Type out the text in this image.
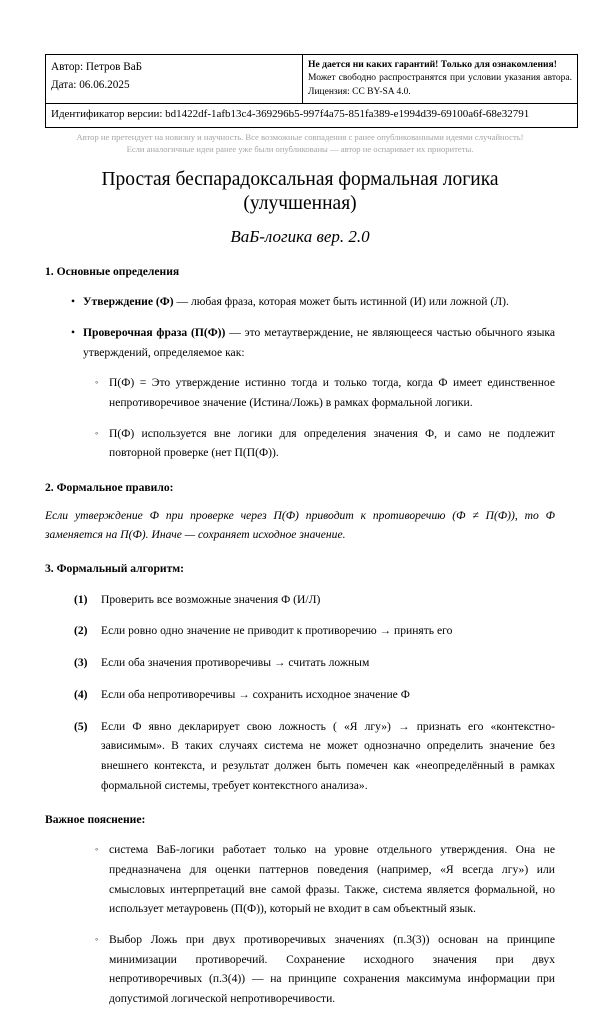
Автор: Петров ВаБ
Дата: 06.06.2025

Не дается ни каких гарантий! Только для ознакомления!
Может свободно распространятся при условии указания автора. Лицензия: CC BY-SA 4.0.

Идентификатор версии: bd1422df-1afb13c4-369296b5-997f4a75-851fa389-e1994d39-69100a6f-68e32791
Автор не претендует на новизну и научность. Все возможные совпадения с ранее опубликованными идеями случайность!
Если аналогичные идеи ранее уже были опубликованы — автор не оспаривает их приоритеты.
Простая беспарадоксальная формальная логика (улучшенная)
ВаБ-логика вер. 2.0
1. Основные определения
• Утверждение (Ф) — любая фраза, которая может быть истинной (И) или ложной (Л).
• Проверочная фраза (П(Ф)) — это метаутверждение, не являющееся частью обычного языка утверждений, определяемое как:
◦ П(Ф) = Это утверждение истинно тогда и только тогда, когда Ф имеет единственное непротиворечивое значение (Истина/Ложь) в рамках формальной логики.
◦ П(Ф) используется вне логики для определения значения Ф, и само не подлежит повторной проверке (нет П(П(Ф)).
2. Формальное правило:
Если утверждение Ф при проверке через П(Ф) приводит к противоречию (Ф ≠ П(Ф)), то Ф заменяется на П(Ф). Иначе — сохраняет исходное значение.
3. Формальный алгоритм:
(1) Проверить все возможные значения Ф (И/Л)
(2) Если ровно одно значение не приводит к противоречию → принять его
(3) Если оба значения противоречивы → считать ложным
(4) Если оба непротиворечивы → сохранить исходное значение Ф
(5) Если Ф явно декларирует свою ложность ( «Я лгу») → признать его «контекстно-зависимым». В таких случаях система не может однозначно определить значение без внешнего контекста, и результат должен быть помечен как «неопределённый в рамках формальной системы, требует контекстного анализа».
Важное пояснение:
◦ система ВаБ-логики работает только на уровне отдельного утверждения. Она не предназначена для оценки паттернов поведения (например, «Я всегда лгу») или смысловых интерпретаций вне самой фразы. Также, система является формальной, но использует метауровень (П(Ф)), который не входит в сам объектный язык.
◦ Выбор Ложь при двух противоречивых значениях (п.3(3)) основан на принципе минимизации противоречий. Сохранение исходного значения при двух непротиворечивых (п.3(4)) — на принципе сохранения максимума информации при допустимой логической непротиворечивости.
